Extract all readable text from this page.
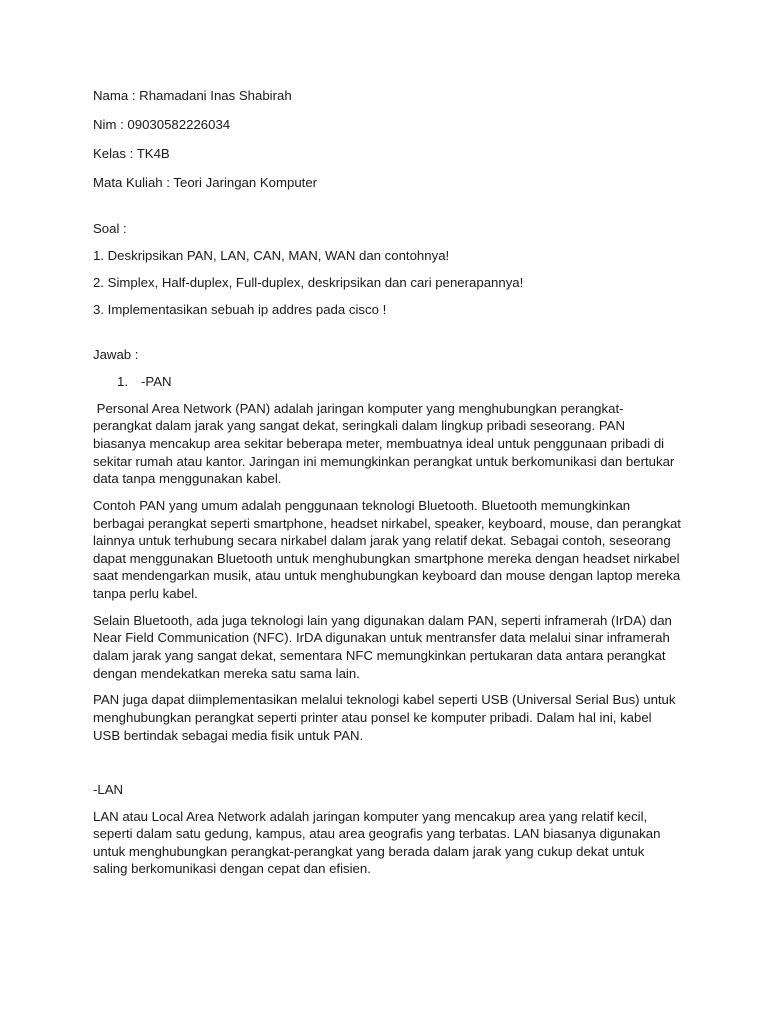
Nama : Rhamadani Inas Shabirah
Nim : 09030582226034
Kelas : TK4B
Mata Kuliah : Teori Jaringan Komputer
Soal :
1. Deskripsikan PAN, LAN, CAN, MAN, WAN dan contohnya!
2. Simplex, Half-duplex, Full-duplex, deskripsikan dan cari penerapannya!
3. Implementasikan sebuah ip addres pada cisco !
Jawab :
1. -PAN

Personal Area Network (PAN) adalah jaringan komputer yang menghubungkan perangkat-perangkat dalam jarak yang sangat dekat, seringkali dalam lingkup pribadi seseorang. PAN biasanya mencakup area sekitar beberapa meter, membuatnya ideal untuk penggunaan pribadi di sekitar rumah atau kantor. Jaringan ini memungkinkan perangkat untuk berkomunikasi dan bertukar data tanpa menggunakan kabel.

Contoh PAN yang umum adalah penggunaan teknologi Bluetooth. Bluetooth memungkinkan berbagai perangkat seperti smartphone, headset nirkabel, speaker, keyboard, mouse, dan perangkat lainnya untuk terhubung secara nirkabel dalam jarak yang relatif dekat. Sebagai contoh, seseorang dapat menggunakan Bluetooth untuk menghubungkan smartphone mereka dengan headset nirkabel saat mendengarkan musik, atau untuk menghubungkan keyboard dan mouse dengan laptop mereka tanpa perlu kabel.

Selain Bluetooth, ada juga teknologi lain yang digunakan dalam PAN, seperti inframerah (IrDA) dan Near Field Communication (NFC). IrDA digunakan untuk mentransfer data melalui sinar inframerah dalam jarak yang sangat dekat, sementara NFC memungkinkan pertukaran data antara perangkat dengan mendekatkan mereka satu sama lain.

PAN juga dapat diimplementasikan melalui teknologi kabel seperti USB (Universal Serial Bus) untuk menghubungkan perangkat seperti printer atau ponsel ke komputer pribadi. Dalam hal ini, kabel USB bertindak sebagai media fisik untuk PAN.

-LAN

LAN atau Local Area Network adalah jaringan komputer yang mencakup area yang relatif kecil, seperti dalam satu gedung, kampus, atau area geografis yang terbatas. LAN biasanya digunakan untuk menghubungkan perangkat-perangkat yang berada dalam jarak yang cukup dekat untuk saling berkomunikasi dengan cepat dan efisien.
